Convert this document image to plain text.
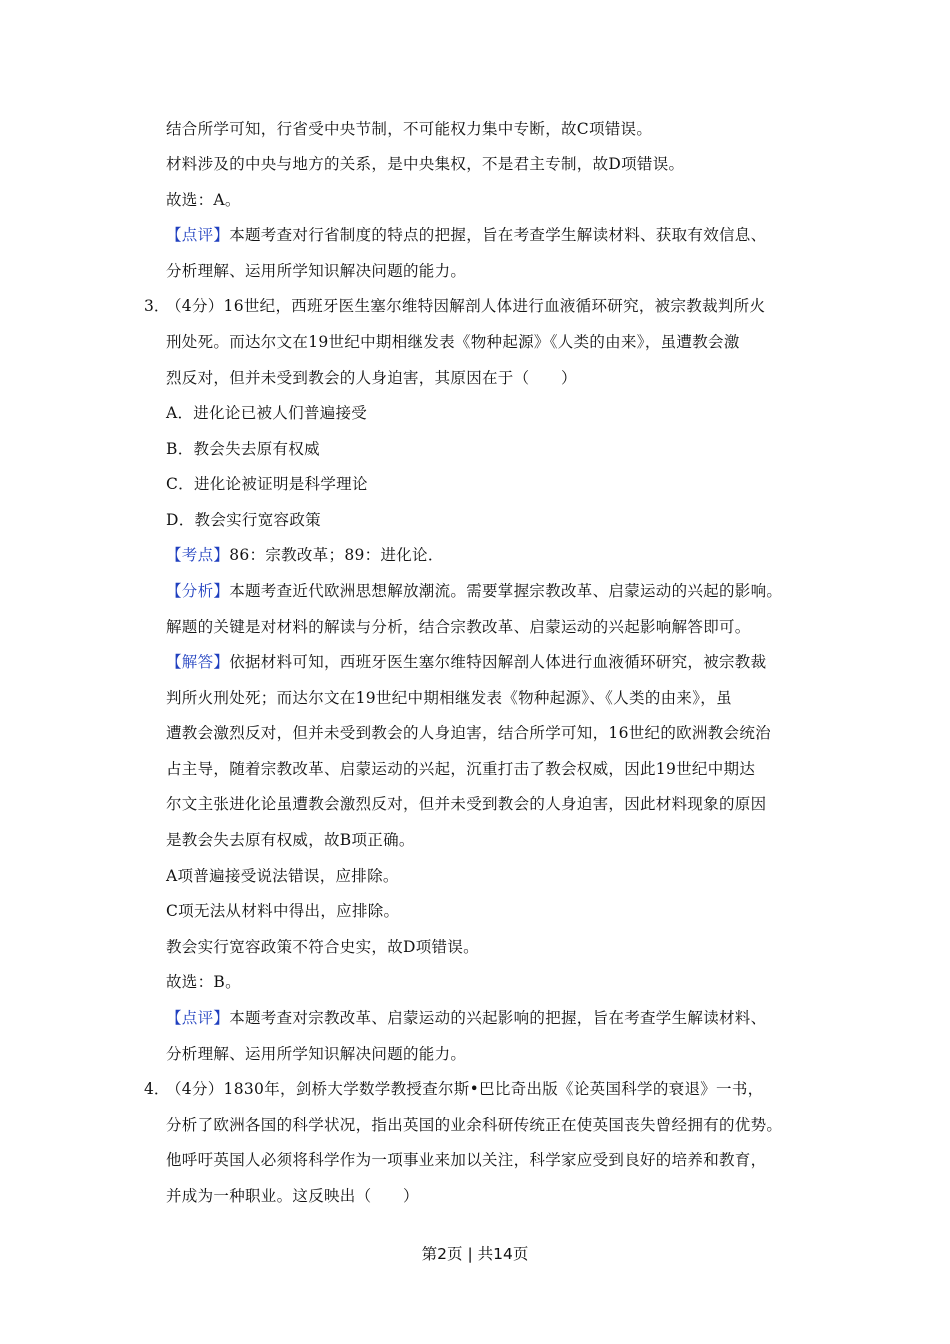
结合所学可知，行省受中央节制，不可能权力集中专断，故C项错误。
材料涉及的中央与地方的关系，是中央集权，不是君主专制，故D项错误。
故选：A。
【点评】本题考查对行省制度的特点的把握，旨在考查学生解读材料、获取有效信息、
分析理解、运用所学知识解决问题的能力。
3．
（4分）16世纪，西班牙医生塞尔维特因解剖人体进行血液循环研究，被宗教裁判所火
刑处死。而达尔文在19世纪中期相继发表《物种起源》《人类的由来》，虽遭教会激
烈反对，但并未受到教会的人身迫害，其原因在于（　　）
A．进化论已被人们普遍接受
B．教会失去原有权威
C．进化论被证明是科学理论
D．教会实行宽容政策
【考点】86：宗教改革；89：进化论．
【分析】本题考查近代欧洲思想解放潮流。需要掌握宗教改革、启蒙运动的兴起的影响。
解题的关键是对材料的解读与分析，结合宗教改革、启蒙运动的兴起影响解答即可。
【解答】依据材料可知，西班牙医生塞尔维特因解剖人体进行血液循环研究，被宗教裁
判所火刑处死；而达尔文在19世纪中期相继发表《物种起源》、《人类的由来》，虽
遭教会激烈反对，但并未受到教会的人身迫害，结合所学可知，16世纪的欧洲教会统治
占主导，随着宗教改革、启蒙运动的兴起，沉重打击了教会权威，因此19世纪中期达
尔文主张进化论虽遭教会激烈反对，但并未受到教会的人身迫害，因此材料现象的原因
是教会失去原有权威，故B项正确。
A项普遍接受说法错误，应排除。
C项无法从材料中得出，应排除。
教会实行宽容政策不符合史实，故D项错误。
故选：B。
【点评】本题考查对宗教改革、启蒙运动的兴起影响的把握，旨在考查学生解读材料、
分析理解、运用所学知识解决问题的能力。
4．
（4分）1830年，剑桥大学数学教授查尔斯•巴比奇出版《论英国科学的衰退》一书，
分析了欧洲各国的科学状况，指出英国的业余科研传统正在使英国丧失曾经拥有的优势。
他呼吁英国人必须将科学作为一项事业来加以关注，科学家应受到良好的培养和教育，
并成为一种职业。这反映出（　　）
第2页 | 共14页
